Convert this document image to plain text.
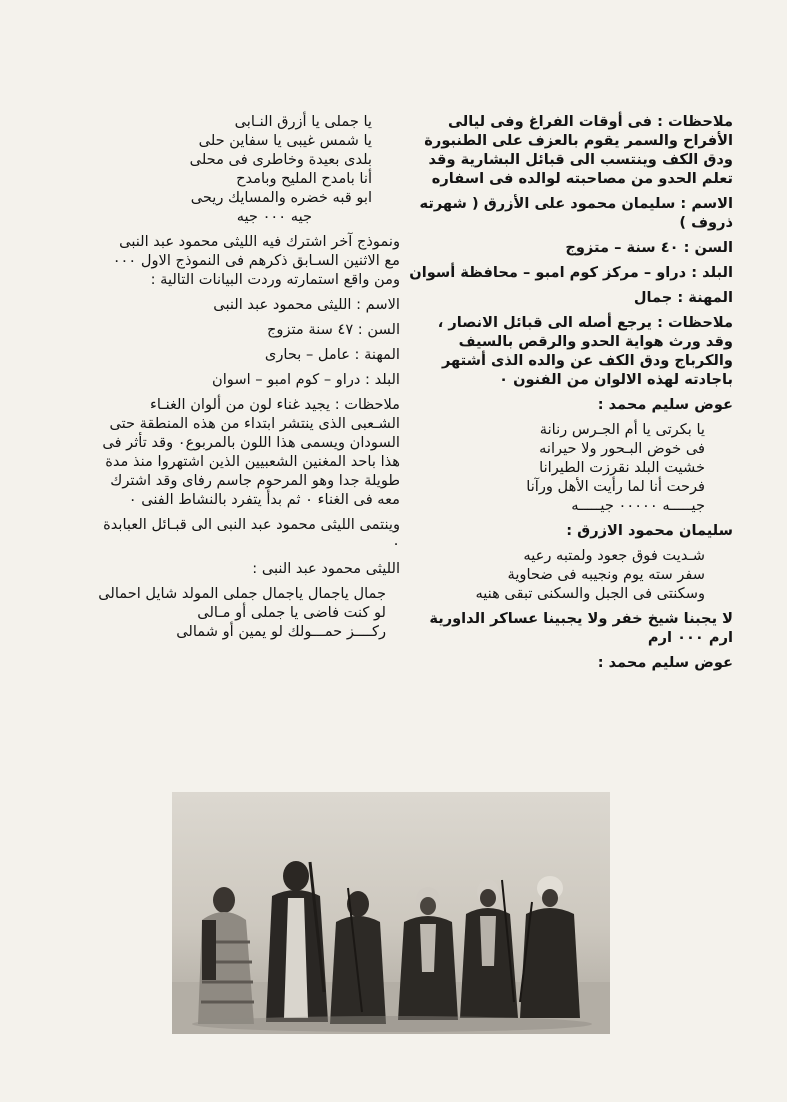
ملاحظات : فى أوقات الفراغ وفى ليالى الأفراح والسمر يقوم بالعزف على الطنبورة ودق الكف وينتسب الى قبائل البشارية وقد تعلم الحدو من مصاحبته لوالده فى اسفاره

الاسم : سليمان محمود على الأزرق ( شهرته ذروف )

السن : ٤٠ سنة – متزوج

البلد : دراو – مركز كوم امبو – محافظة أسوان

المهنة : جمال

ملاحظات : يرجع أصله الى قبائل الانصار ، وقد ورث هواية الحدو والرقص بالسيف والكرباج ودق الكف عن والده الذى أشتهر باجادته لهذه الالوان من الفنون ٠

عوض سليم محمد :

يا بكرتى يا أم الجـرس رنانة
فى خوض البـحور ولا حيرانه
خشيت البلد نقرزت الطيرانا
فرحت أنا لما رأيت الأهل ورآنا
جيـــــه ٠٠٠٠٠ جيـــــه

سليمان محمود الازرق :

شـديت فوق جعود ولمتبه رعيه
سفر سته يوم ونجيبه فى ضحاوية
وسكنتى فى الجبل والسكنى تبقى هنيه

لا يجبنا شيخ خفر ولا يجبينا عساكر الداورية ارم ٠٠٠ ارم

عوض سليم محمد :

يا جملى يا أزرق النـابى
يا شمس غيبى يا سفاين حلى
بلدى بعيدة وخاطرى فى محلى
أنا بامدح المليح وبامدح
ابو قبه خضره والمسايك ريحى
جيه ٠٠٠ جيه

ونموذج آخر اشترك فيه الليثى محمود عبد النبى مع الاثنين السـابق ذكرهم فى النموذج الاول ٠٠٠ ومن واقع استمارته وردت البيانات التالية :

الاسم : الليثى محمود عبد النبى

السن : ٤٧ سنة متزوج

المهنة : عامل – بحارى

البلد : دراو – كوم امبو – اسوان

ملاحظات : يجيد غناء لون من ألوان الغنـاء الشـعبى الذى ينتشر ابتداء من هذه المنطقة حتى السودان ويسمى هذا اللون بالمربوع٠ وقد تأثر فى هذا باحد المغنين الشعبيين الذين اشتهروا منذ مدة طويلة جدا وهو المرحوم جاسم رفاى وقد اشترك معه فى الغناء ٠ ثم بدأ يتفرد بالنشاط الفنى ٠

وينتمى الليثى محمود عبد النبى الى قبـائل العبابدة ٠

الليثى محمود عبد النبى :

جمال ياجمال ياجمال جملى المولد شايل احمالى
لو كنت فاضى يا جملى أو مـالى
ركــــز حمـــولك لو يمين أو شمالى
